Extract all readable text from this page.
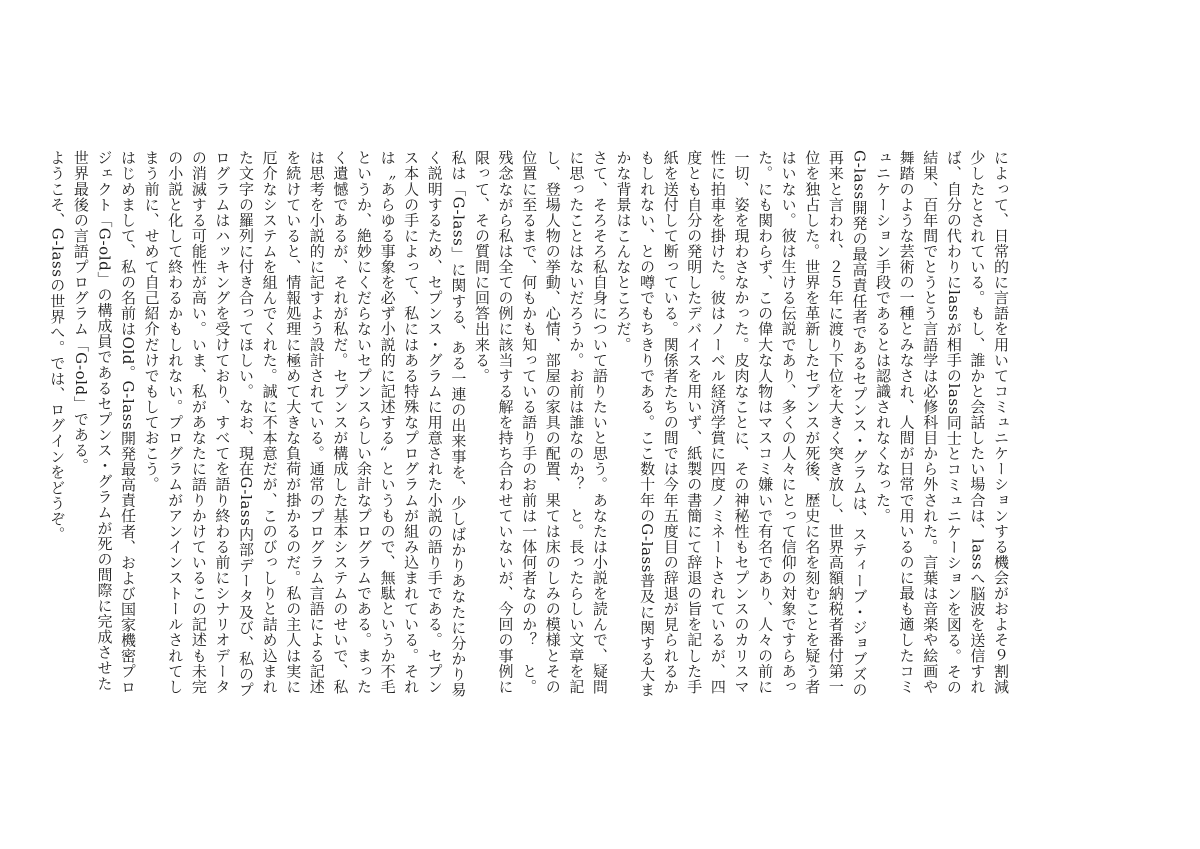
によって、日常的に言語を用いてコミュニケーションする機会がおよそ９割減少したとされている。もし、誰かと会話したい場合は、lassへ脳波を送信すれば、自分の代わりにlassが相手のlass同士とコミュニケーションを図る。その結果、百年間でとうとう言語学は必修科目から外された。言葉は音楽や絵画や舞踏のような芸術の一種とみなされ、人間が日常で用いるのに最も適したコミュニケーション手段であるとは認識されなくなった。

G-lass開発の最高責任者であるセプンス・グラムは、スティーブ・ジョブズの再来と言われ、２５年に渡り下位を大きく突き放し、世界高額納税者番付第一位を独占した。世界を革新したセプンスが死後、歴史に名を刻むことを疑う者はいない。彼は生ける伝説であり、多くの人々にとって信仰の対象ですらあった。にも関わらず、この偉大な人物はマスコミ嫌いで有名であり、人々の前に一切、姿を現わさなかった。皮肉なことに、その神秘性もセプンスのカリスマ性に拍車を掛けた。彼はノーベル経済学賞に四度ノミネートされているが、四度とも自分の発明したデバイスを用いず、紙製の書簡にて辞退の旨を記した手紙を送付して断っている。関係者たちの間では今年五度目の辞退が見られるかもしれない、との噂でもちきりである。ここ数十年のG-lass普及に関する大まかな背景はこんなところだ。

さて、そろそろ私自身について語りたいと思う。あなたは小説を読んで、疑問に思ったことはないだろうか。お前は誰なのか？　と。長ったらしい文章を記し、登場人物の挙動、心情、部屋の家具の配置、果ては床のしみの模様とその位置に至るまで、何もかも知っている語り手のお前は一体何者なのか？　と。残念ながら私は全ての例に該当する解を持ち合わせていないが、今回の事例に限って、その質問に回答出来る。

私は「G-lass」に関する、ある一連の出来事を、少しばかりあなたに分かり易く説明するため、セプンス・グラムに用意された小説の語り手である。セプンス本人の手によって、私にはある特殊なプログラムが組み込まれている。それは〝あらゆる事象を必ず小説的に記述する〟というもので、無駄というか不毛というか、絶妙にくだらないセプンスらしい余計なプログラムである。まったく遺憾であるが、それが私だ。セプンスが構成した基本システムのせいで、私は思考を小説的に記すよう設計されている。通常のプログラム言語による記述を続けていると、情報処理に極めて大きな負荷が掛かるのだ。私の主人は実に厄介なシステムを組んでくれた。誠に不本意だが、このびっしりと詰め込まれた文字の羅列に付き合ってほしい。なお、現在G-lass内部データ及び、私のプログラムはハッキングを受けており、すべてを語り終わる前にシナリオデータの消滅する可能性が高い。いま、私があなたに語りかけているこの記述も未完の小説と化して終わるかもしれない。プログラムがアンインストールされてしまう前に、せめて自己紹介だけでもしておこう。

はじめまして、私の名前はOld。G-lass開発最高責任者、および国家機密プロジェクト「G-old」の構成員であるセプンス・グラムが死の間際に完成させた世界最後の言語プログラム「G-old」である。

ようこそ、G-lassの世界へ。では、ログインをどうぞ。
